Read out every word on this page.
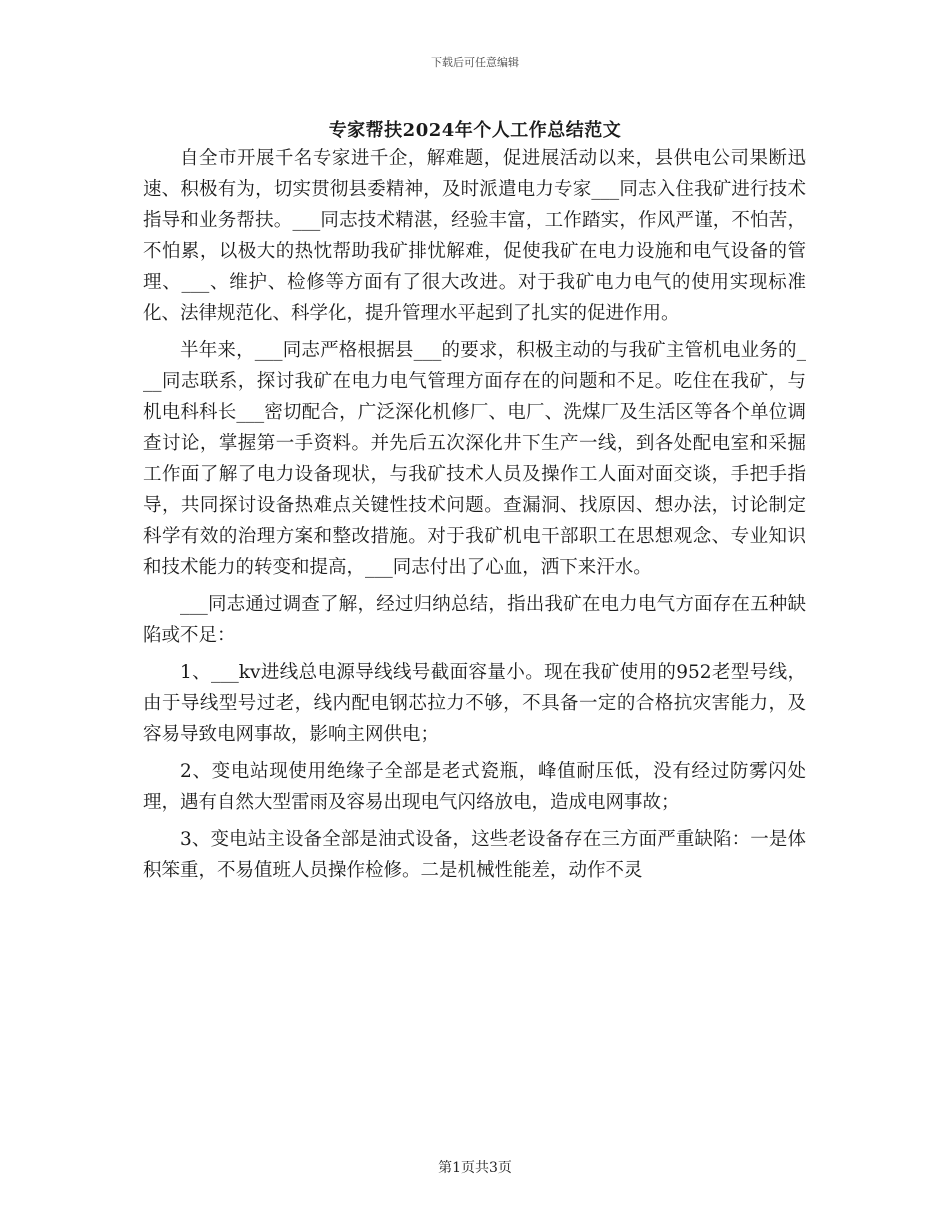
下载后可任意编辑
专家帮扶2024年个人工作总结范文

自全市开展千名专家进千企，解难题，促进展活动以来，县供电公司果断迅速、积极有为，切实贯彻县委精神，及时派遣电力专家___同志入住我矿进行技术指导和业务帮扶。___同志技术精湛，经验丰富，工作踏实，作风严谨，不怕苦，不怕累，以极大的热忱帮助我矿排忧解难，促使我矿在电力设施和电气设备的管理、___、维护、检修等方面有了很大改进。对于我矿电力电气的使用实现标准化、法律规范化、科学化，提升管理水平起到了扎实的促进作用。

半年来，___同志严格根据县___的要求，积极主动的与我矿主管机电业务的___同志联系，探讨我矿在电力电气管理方面存在的问题和不足。吃住在我矿，与机电科科长___密切配合，广泛深化机修厂、电厂、洗煤厂及生活区等各个单位调查讨论，掌握第一手资料。并先后五次深化井下生产一线，到各处配电室和采掘工作面了解了电力设备现状，与我矿技术人员及操作工人面对面交谈，手把手指导，共同探讨设备热难点关键性技术问题。查漏洞、找原因、想办法，讨论制定科学有效的治理方案和整改措施。对于我矿机电干部职工在思想观念、专业知识和技术能力的转变和提高，___同志付出了心血，洒下来汗水。

___同志通过调查了解，经过归纳总结，指出我矿在电力电气方面存在五种缺陷或不足：

1、___kv进线总电源导线线号截面容量小。现在我矿使用的952老型号线，由于导线型号过老，线内配电钢芯拉力不够，不具备一定的合格抗灾害能力，及容易导致电网事故，影响主网供电；

2、变电站现使用绝缘子全部是老式瓷瓶，峰值耐压低，没有经过防雾闪处理，遇有自然大型雷雨及容易出现电气闪络放电，造成电网事故；

3、变电站主设备全部是油式设备，这些老设备存在三方面严重缺陷：一是体积笨重，不易值班人员操作检修。二是机械性能差，动作不灵

第1页共3页
